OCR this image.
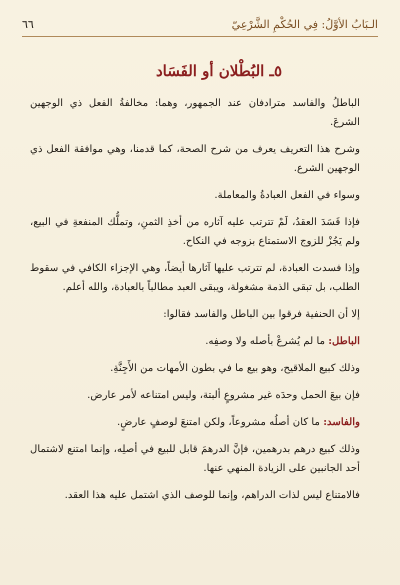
الـبَابُ الأوَّلُ: فِي الحُكْمِ الشَّرْعِيّ
٦٦
٥ـ البُطْلان أو الفَسَاد

الباطلُ والفاسد مترادفان عند الجمهور، وهما: مخالفةُ الفعل ذي الوجهين الشرعَ.

وشرح هذا التعريف يعرف من شرح الصحة، كما قدمنا، وهي موافقة الفعل ذي الوجهين الشرع.

وسواء في الفعل العبادةُ والمعاملة.

فإذا فَسَدَ العقدُ، لَمْ تترتب عليه آثاره من أخذِ الثمنِ، وتملُّك المنفعةِ في البيع، ولم يَجُزْ للزوج الاستمتاع بزوجه في النكاح.

وإذا فسدت العبادة، لم تترتب عليها آثارها أيضاً، وهي الإجزاء الكافي في سقوط الطلب، بل تبقى الذمة مشغولة، ويبقى العبد مطالباً بالعبادة، والله أعلم.

إلا أن الحنفية فرقوا بين الباطل والفاسد فقالوا:

الباطل: ما لم يُشرعْ بأصله ولا وصفِه.

وذلك كبيع الملاقيح، وهو بيع ما في بطون الأمهات من الأَجِنَّةِ.

فإن بيعَ الحمل وحدَه غير مشروعٍ ألبتة، وليس امتناعه لأمر عارض.

والفاسد: ما كان أصلُه مشروعاً، ولكن امتنعَ لوصفٍ عارضٍ.

وذلك كبيع درهم بدرهمين، فإنَّ الدرهمَ قابل للبيع في أصلِه، وإنما امتنع لاشتمال أحد الجانبين على الزيادة المنهي عنها.

فالامتناع ليس لذات الدراهم، وإنما للوصف الذي اشتمل عليه هذا العقد.
